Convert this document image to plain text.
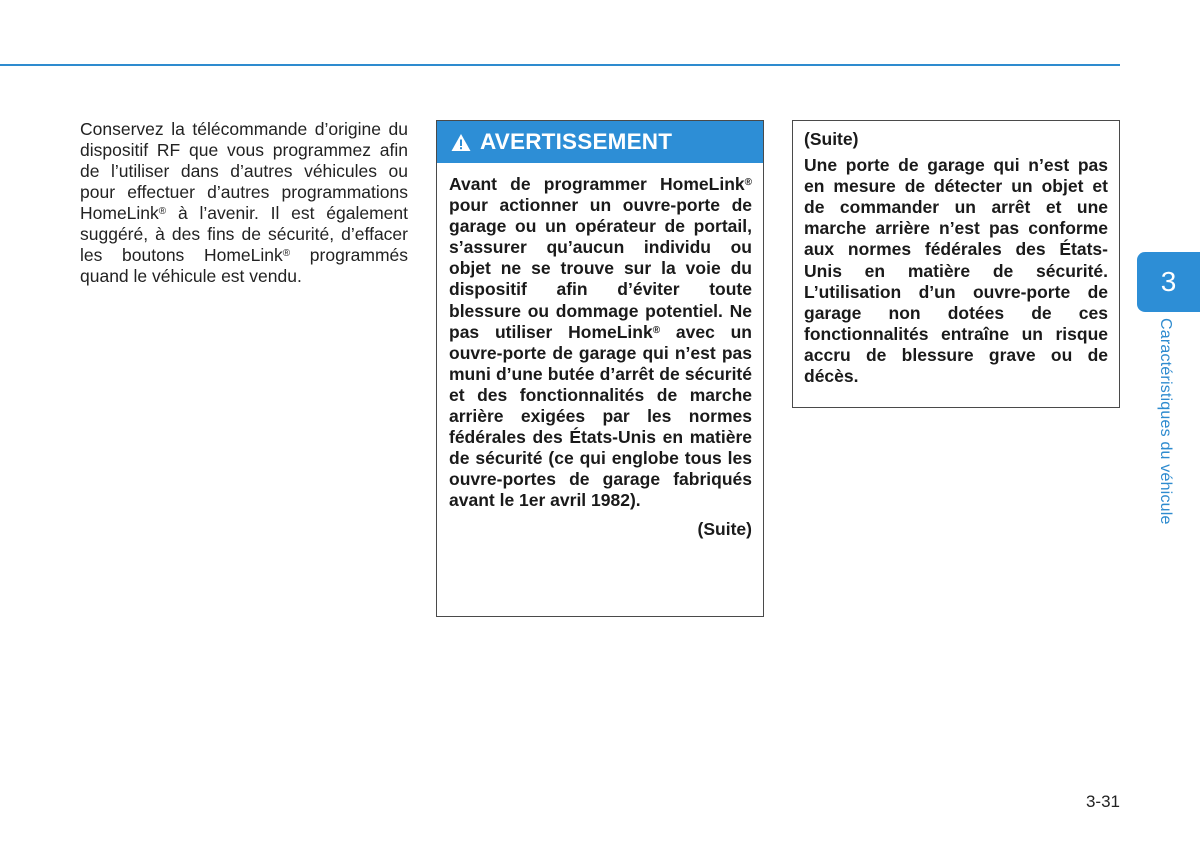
Conservez la télécommande d’origine du dispositif RF que vous programmez afin de l’utiliser dans d’autres véhicules ou pour effectuer d’autres programmations HomeLink® à l’avenir. Il est également suggéré, à des fins de sécurité, d’effacer les boutons HomeLink® programmés quand le véhicule est vendu.
AVERTISSEMENT
Avant de programmer HomeLink® pour actionner un ouvre-porte de garage ou un opérateur de portail, s’assurer qu’aucun individu ou objet ne se trouve sur la voie du dispositif afin d’éviter toute blessure ou dommage potentiel. Ne pas utiliser HomeLink® avec un ouvre-porte de garage qui n’est pas muni d’une butée d’arrêt de sécurité et des fonctionnalités de marche arrière exigées par les normes fédérales des États-Unis en matière de sécurité (ce qui englobe tous les ouvre-portes de garage fabriqués avant le 1er avril 1982).
(Suite)
(Suite)
Une porte de garage qui n’est pas en mesure de détecter un objet et de commander un arrêt et une marche arrière n’est pas conforme aux normes fédérales des États-Unis en matière de sécurité. L’utilisation d’un ouvre-porte de garage non dotées de ces fonctionnalités entraîne un risque accru de blessure grave ou de décès.
3
Caractéristiques du véhicule
3-31
